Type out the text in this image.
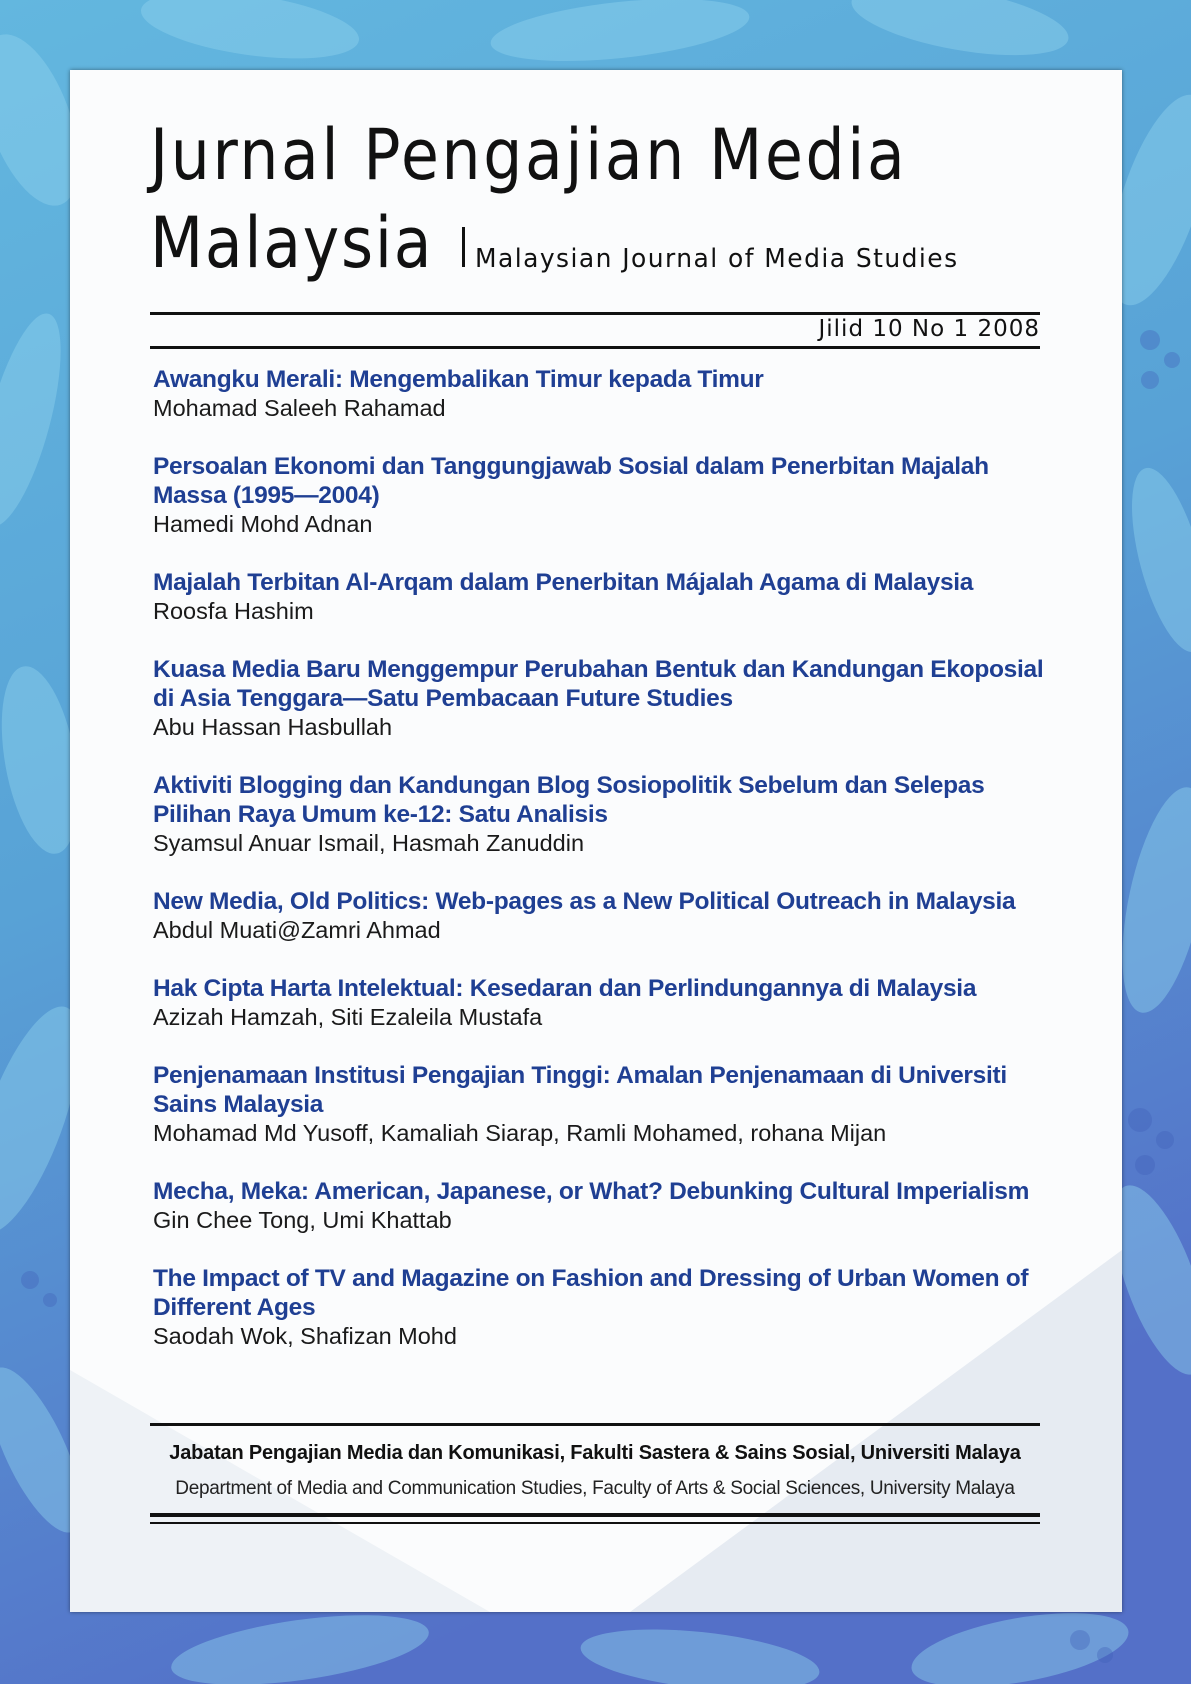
Jurnal Pengajian Media
Malaysia Malaysian Journal of Media Studies
Jilid 10 No 1 2008
Awangku Merali: Mengembalikan Timur kepada Timur
Mohamad Saleeh Rahamad
Persoalan Ekonomi dan Tanggungjawab Sosial dalam Penerbitan Majalah Massa (1995—2004)
Hamedi Mohd Adnan
Majalah Terbitan Al-Arqam dalam Penerbitan Májalah Agama di Malaysia
Roosfa Hashim
Kuasa Media Baru Menggempur Perubahan Bentuk dan Kandungan Ekoposial di Asia Tenggara—Satu Pembacaan Future Studies
Abu Hassan Hasbullah
Aktiviti Blogging dan Kandungan Blog Sosiopolitik Sebelum dan Selepas Pilihan Raya Umum ke-12: Satu Analisis
Syamsul Anuar Ismail, Hasmah Zanuddin
New Media, Old Politics: Web-pages as a New Political Outreach in Malaysia
Abdul Muati@Zamri Ahmad
Hak Cipta Harta Intelektual: Kesedaran dan Perlindungannya di Malaysia
Azizah Hamzah, Siti Ezaleila Mustafa
Penjenamaan Institusi Pengajian Tinggi: Amalan Penjenamaan di Universiti Sains Malaysia
Mohamad Md Yusoff, Kamaliah Siarap, Ramli Mohamed, rohana Mijan
Mecha, Meka: American, Japanese, or What? Debunking Cultural Imperialism
Gin Chee Tong, Umi Khattab
The Impact of TV and Magazine on Fashion and Dressing of Urban Women of Different Ages
Saodah Wok, Shafizan Mohd
Jabatan Pengajian Media dan Komunikasi, Fakulti Sastera & Sains Sosial, Universiti Malaya
Department of Media and Communication Studies, Faculty of Arts & Social Sciences, University Malaya
